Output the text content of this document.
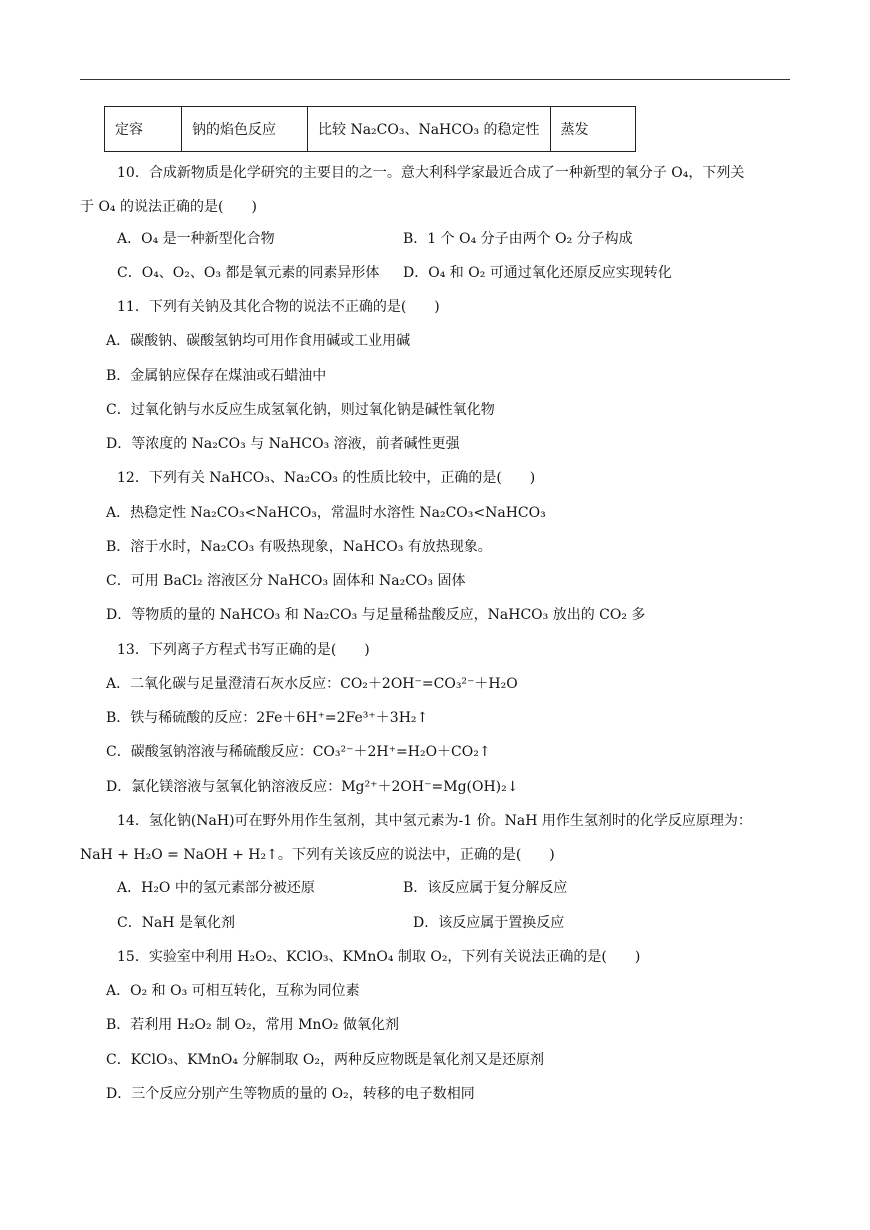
定容	钠的焰色反应	比较 Na₂CO₃、NaHCO₃ 的稳定性	蒸发
10．合成新物质是化学研究的主要目的之一。意大利科学家最近合成了一种新型的氧分子 O₄，下列关
于 O₄ 的说法正确的是(　　)
A．O₄ 是一种新型化合物	B．1 个 O₄ 分子由两个 O₂ 分子构成
C．O₄、O₂、O₃ 都是氧元素的同素异形体 D．O₄ 和 O₂ 可通过氧化还原反应实现转化
11．下列有关钠及其化合物的说法不正确的是(　　)
A．碳酸钠、碳酸氢钠均可用作食用碱或工业用碱
B．金属钠应保存在煤油或石蜡油中
C．过氧化钠与水反应生成氢氧化钠，则过氧化钠是碱性氧化物
D．等浓度的 Na₂CO₃ 与 NaHCO₃ 溶液，前者碱性更强
12．下列有关 NaHCO₃、Na₂CO₃ 的性质比较中，正确的是(　　)
A．热稳定性 Na₂CO₃<NaHCO₃，常温时水溶性 Na₂CO₃<NaHCO₃
B．溶于水时，Na₂CO₃ 有吸热现象，NaHCO₃ 有放热现象。
C．可用 BaCl₂ 溶液区分 NaHCO₃ 固体和 Na₂CO₃ 固体
D．等物质的量的 NaHCO₃ 和 Na₂CO₃ 与足量稀盐酸反应，NaHCO₃ 放出的 CO₂ 多
13．下列离子方程式书写正确的是(　　)
A．二氧化碳与足量澄清石灰水反应：CO₂＋2OH⁻=CO₃²⁻＋H₂O
B．铁与稀硫酸的反应：2Fe＋6H⁺=2Fe³⁺＋3H₂↑
C．碳酸氢钠溶液与稀硫酸反应：CO₃²⁻＋2H⁺=H₂O＋CO₂↑
D．氯化镁溶液与氢氧化钠溶液反应：Mg²⁺＋2OH⁻=Mg(OH)₂↓
14．氢化钠(NaH)可在野外用作生氢剂，其中氢元素为-1 价。NaH 用作生氢剂时的化学反应原理为：
NaH + H₂O = NaOH + H₂↑。下列有关该反应的说法中，正确的是(　　)
A．H₂O 中的氢元素部分被还原	B．该反应属于复分解反应
C．NaH 是氧化剂	D．该反应属于置换反应
15．实验室中利用 H₂O₂、KClO₃、KMnO₄ 制取 O₂，下列有关说法正确的是(　　)
A．O₂ 和 O₃ 可相互转化，互称为同位素
B．若利用 H₂O₂ 制 O₂，常用 MnO₂ 做氧化剂
C．KClO₃、KMnO₄ 分解制取 O₂，两种反应物既是氧化剂又是还原剂
D．三个反应分别产生等物质的量的 O₂，转移的电子数相同
